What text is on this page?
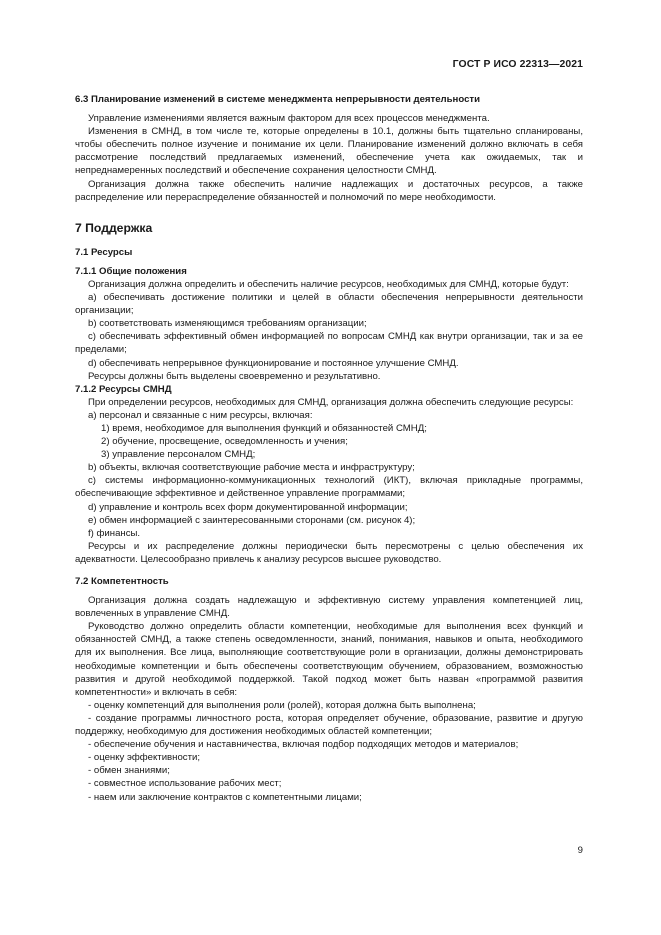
ГОСТ Р ИСО 22313—2021
6.3 Планирование изменений в системе менеджмента непрерывности деятельности

Управление изменениями является важным фактором для всех процессов менеджмента.

Изменения в СМНД, в том числе те, которые определены в 10.1, должны быть тщательно спланированы, чтобы обеспечить полное изучение и понимание их цели. Планирование изменений должно включать в себя рассмотрение последствий предлагаемых изменений, обеспечение учета как ожидаемых, так и непреднамеренных последствий и обеспечение сохранения целостности СМНД.

Организация должна также обеспечить наличие надлежащих и достаточных ресурсов, а также распределение или перераспределение обязанностей и полномочий по мере необходимости.

7 Поддержка
7.1 Ресурсы
7.1.1 Общие положения

Организация должна определить и обеспечить наличие ресурсов, необходимых для СМНД, которые будут:

a) обеспечивать достижение политики и целей в области обеспечения непрерывности деятельности организации;

b) соответствовать изменяющимся требованиям организации;

c) обеспечивать эффективный обмен информацией по вопросам СМНД как внутри организации, так и за ее пределами;

d) обеспечивать непрерывное функционирование и постоянное улучшение СМНД.

Ресурсы должны быть выделены своевременно и результативно.

7.1.2 Ресурсы СМНД

При определении ресурсов, необходимых для СМНД, организация должна обеспечить следующие ресурсы:

a) персонал и связанные с ним ресурсы, включая:

1) время, необходимое для выполнения функций и обязанностей СМНД;

2) обучение, просвещение, осведомленность и учения;

3) управление персоналом СМНД;

b) объекты, включая соответствующие рабочие места и инфраструктуру;

c) системы информационно-коммуникационных технологий (ИКТ), включая прикладные программы, обеспечивающие эффективное и действенное управление программами;

d) управление и контроль всех форм документированной информации;

e) обмен информацией с заинтересованными сторонами (см. рисунок 4);

f) финансы.

Ресурсы и их распределение должны периодически быть пересмотрены с целью обеспечения их адекватности. Целесообразно привлечь к анализу ресурсов высшее руководство.

7.2 Компетентность

Организация должна создать надлежащую и эффективную систему управления компетенцией лиц, вовлеченных в управление СМНД.

Руководство должно определить области компетенции, необходимые для выполнения всех функций и обязанностей СМНД, а также степень осведомленности, знаний, понимания, навыков и опыта, необходимого для их выполнения. Все лица, выполняющие соответствующие роли в организации, должны демонстрировать необходимые компетенции и быть обеспечены соответствующим обучением, образованием, возможностью развития и другой необходимой поддержкой. Такой подход может быть назван «программой развития компетентности» и включать в себя:

- оценку компетенций для выполнения роли (ролей), которая должна быть выполнена;

- создание программы личностного роста, которая определяет обучение, образование, развитие и другую поддержку, необходимую для достижения необходимых областей компетенции;

- обеспечение обучения и наставничества, включая подбор подходящих методов и материалов;

- оценку эффективности;

- обмен знаниями;

- совместное использование рабочих мест;

- наем или заключение контрактов с компетентными лицами;

9
